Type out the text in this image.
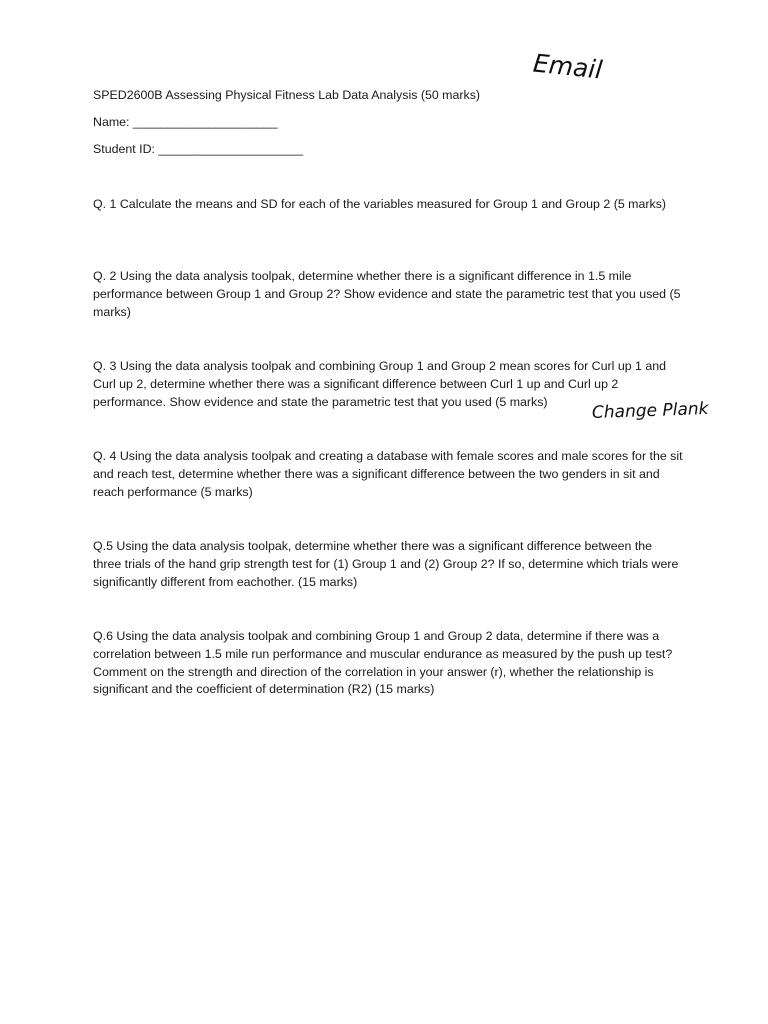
SPED2600B Assessing Physical Fitness Lab Data Analysis (50 marks)
Name: _____________________
Student ID: _____________________
Q. 1 Calculate the means and SD for each of the variables measured for Group 1 and Group 2 (5 marks)
Q. 2 Using the data analysis toolpak, determine whether there is a significant difference in 1.5 mile performance between Group 1 and Group 2? Show evidence and state the parametric test that you used (5 marks)
Q. 3 Using the data analysis toolpak and combining Group 1 and Group 2 mean scores for Curl up 1 and Curl up 2, determine whether there was a significant difference between Curl 1 up and Curl up 2 performance. Show evidence and state the parametric test that you used (5 marks)
Q. 4 Using the data analysis toolpak and creating a database with female scores and male scores for the sit and reach test, determine whether there was a significant difference between the two genders in sit and reach performance (5 marks)
Q.5 Using the data analysis toolpak, determine whether there was a significant difference between the three trials of the hand grip strength test for (1) Group 1 and (2) Group 2? If so, determine which trials were significantly different from eachother. (15 marks)
Q.6 Using the data analysis toolpak and combining Group 1 and Group 2 data, determine if there was a correlation between 1.5 mile run performance and muscular endurance as measured by the push up test? Comment on the strength and direction of the correlation in your answer (r), whether the relationship is significant and the coefficient of determination (R2) (15 marks)
Email
Change Plank
